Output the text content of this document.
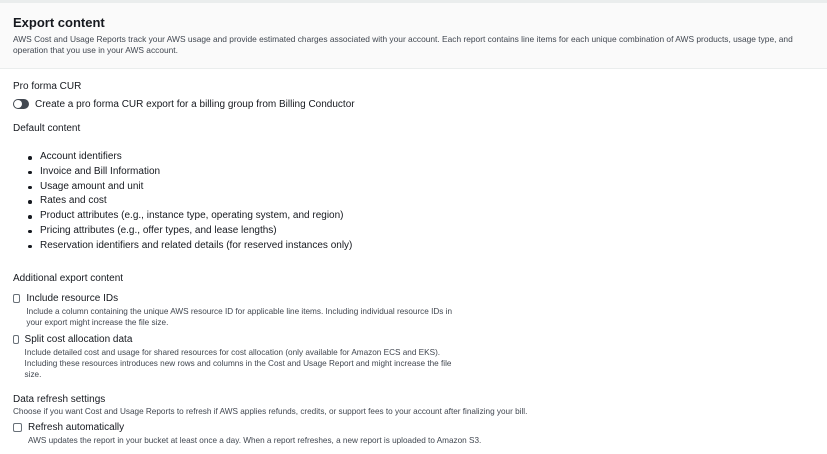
Export content

AWS Cost and Usage Reports track your AWS usage and provide estimated charges associated with your account. Each report contains line items for each unique combination of AWS products, usage type, and operation that you use in your AWS account.

Pro forma CUR
Create a pro forma CUR export for a billing group from Billing Conductor
Default content
Account identifiers
Invoice and Bill Information
Usage amount and unit
Rates and cost
Product attributes (e.g., instance type, operating system, and region)
Pricing attributes (e.g., offer types, and lease lengths)
Reservation identifiers and related details (for reserved instances only)
Additional export content
Include resource IDs
Include a column containing the unique AWS resource ID for applicable line items. Including individual resource IDs in your export might increase the file size.
Split cost allocation data
Include detailed cost and usage for shared resources for cost allocation (only available for Amazon ECS and EKS). Including these resources introduces new rows and columns in the Cost and Usage Report and might increase the file size.
Data refresh settings
Choose if you want Cost and Usage Reports to refresh if AWS applies refunds, credits, or support fees to your account after finalizing your bill.
Refresh automatically
AWS updates the report in your bucket at least once a day. When a report refreshes, a new report is uploaded to Amazon S3.
